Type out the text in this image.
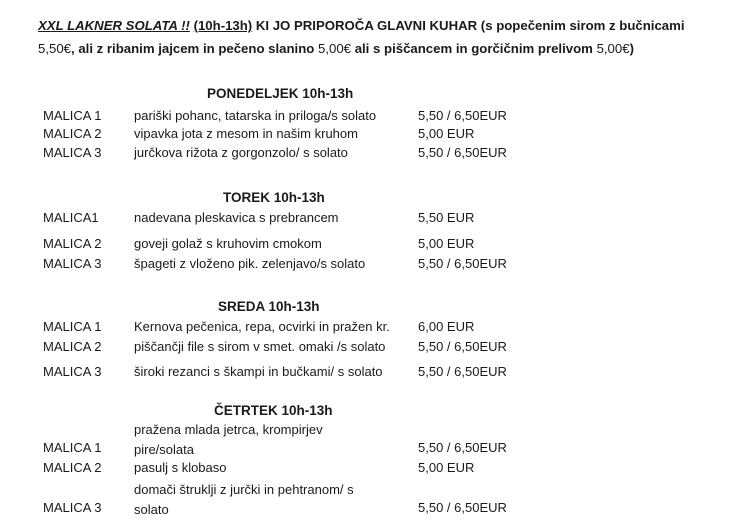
XXL LAKNER SOLATA !! (10h-13h) KI JO PRIPOROČA GLAVNI KUHAR (s popečenim sirom z bučnicami
5,50€, ali z ribanim jajcem in pečeno slanino 5,00€ ali s piščancem in gorčičnim prelivom 5,00€)
PONEDELJEK 10h-13h
MALICA 1 pariški pohanc, tatarska in priloga/s solato	5,50 / 6,50EUR
MALICA 2 vipavka jota z mesom in našim kruhom	5,00 EUR
MALICA 3 jurčkova rižota z gorgonzolo/ s solato	5,50 / 6,50EUR
TOREK 10h-13h
MALICA1	nadevana pleskavica s prebrancem	5,50 EUR
MALICA 2 goveji golaž s kruhovim cmokom	5,00 EUR
MALICA 3 špageti z vloženo pik. zelenjavo/s solato	5,50 / 6,50EUR
SREDA 10h-13h
MALICA 1 Kernova pečenica, repa, ocvirki in pražen kr. 6,00 EUR
MALICA 2 piščančji file s sirom v smet. omaki /s solato	5,50 / 6,50EUR
MALICA 3 široki rezanci s škampi in bučkami/ s solato	5,50 / 6,50EUR
ČETRTEK 10h-13h
MALICA 1
pražena mlada jetrca, krompirjev
pire/solata	5,50 / 6,50EUR
MALICA 2 pasulj s klobaso	5,00 EUR
MALICA 3
domači štruklji z jurčki in pehtranom/ s
solato	5,50 / 6,50EUR
